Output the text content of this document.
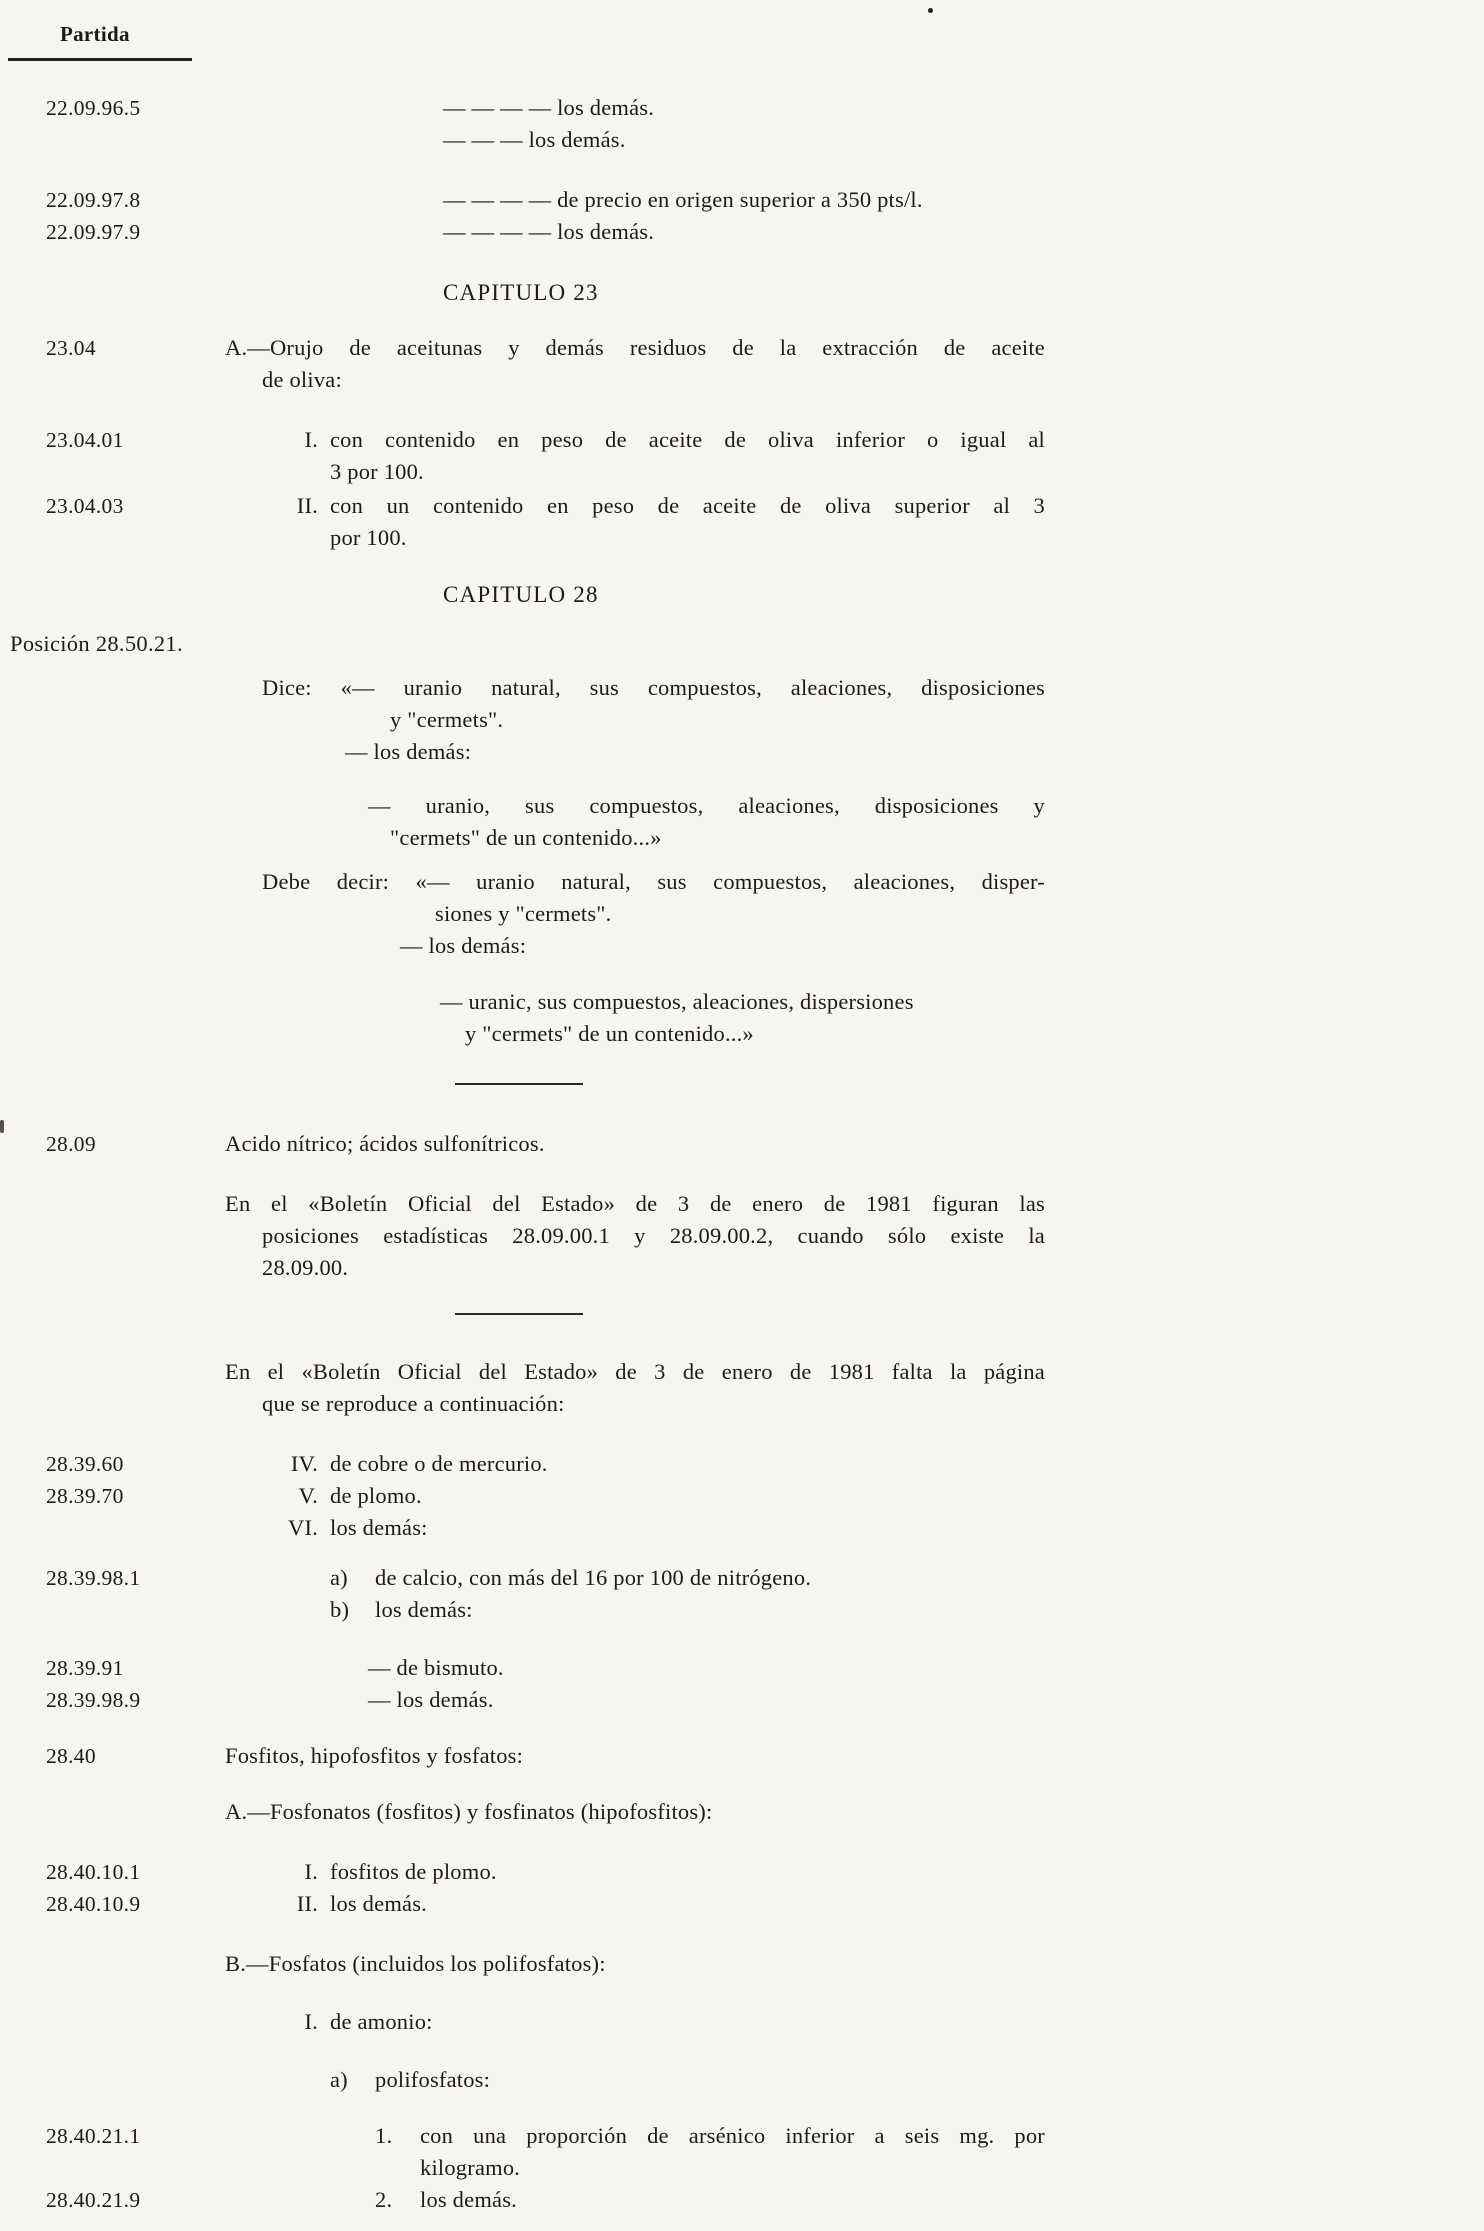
Partida
22.09.96.5	— — — — los demás.
— — — los demás.
22.09.97.8	— — — — de precio en origen superior a 350 pts/l.
22.09.97.9	— — — — los demás.
CAPITULO 23
23.04	A.—Orujo de aceitunas y demás residuos de la extracción de aceite
de oliva:
23.04.01	I. con contenido en peso de aceite de oliva inferior o igual al
3 por 100.
23.04.03	II. con un contenido en peso de aceite de oliva superior al 3
por 100.
CAPITULO 28
Posición 28.50.21.
Dice: «— uranio natural, sus compuestos, aleaciones, disposiciones
y "cermets".
— los demás:
— uranio, sus compuestos, aleaciones, disposiciones y
"cermets" de un contenido...»
Debe decir: «— uranio natural, sus compuestos, aleaciones, disper-
siones y "cermets".
— los demás:
— uranic, sus compuestos, aleaciones, dispersiones
y "cermets" de un contenido...»
28.09	Acido nítrico; ácidos sulfonítricos.
En el «Boletín Oficial del Estado» de 3 de enero de 1981 figuran las
posiciones estadísticas 28.09.00.1 y 28.09.00.2, cuando sólo existe la
28.09.00.
En el «Boletín Oficial del Estado» de 3 de enero de 1981 falta la página
que se reproduce a continuación:
28.39.60	IV. de cobre o de mercurio.
28.39.70	V. de plomo.
VI. los demás:
28.39.98.1	a)	de calcio, con más del 16 por 100 de nitrógeno.
b)	los demás:
28.39.91	— de bismuto.
28.39.98.9	— los demás.
28.40	Fosfitos, hipofosfitos y fosfatos:
A.—Fosfonatos (fosfitos) y fosfinatos (hipofosfitos):
28.40.10.1	I. fosfitos de plomo.
28.40.10.9	II. los demás.
B.—Fosfatos (incluidos los polifosfatos):
I. de amonio:
a)	polifosfatos:
28.40.21.1	1.	con una proporción de arsénico inferior a seis mg. por
kilogramo.
28.40.21.9	2.	los demás.
